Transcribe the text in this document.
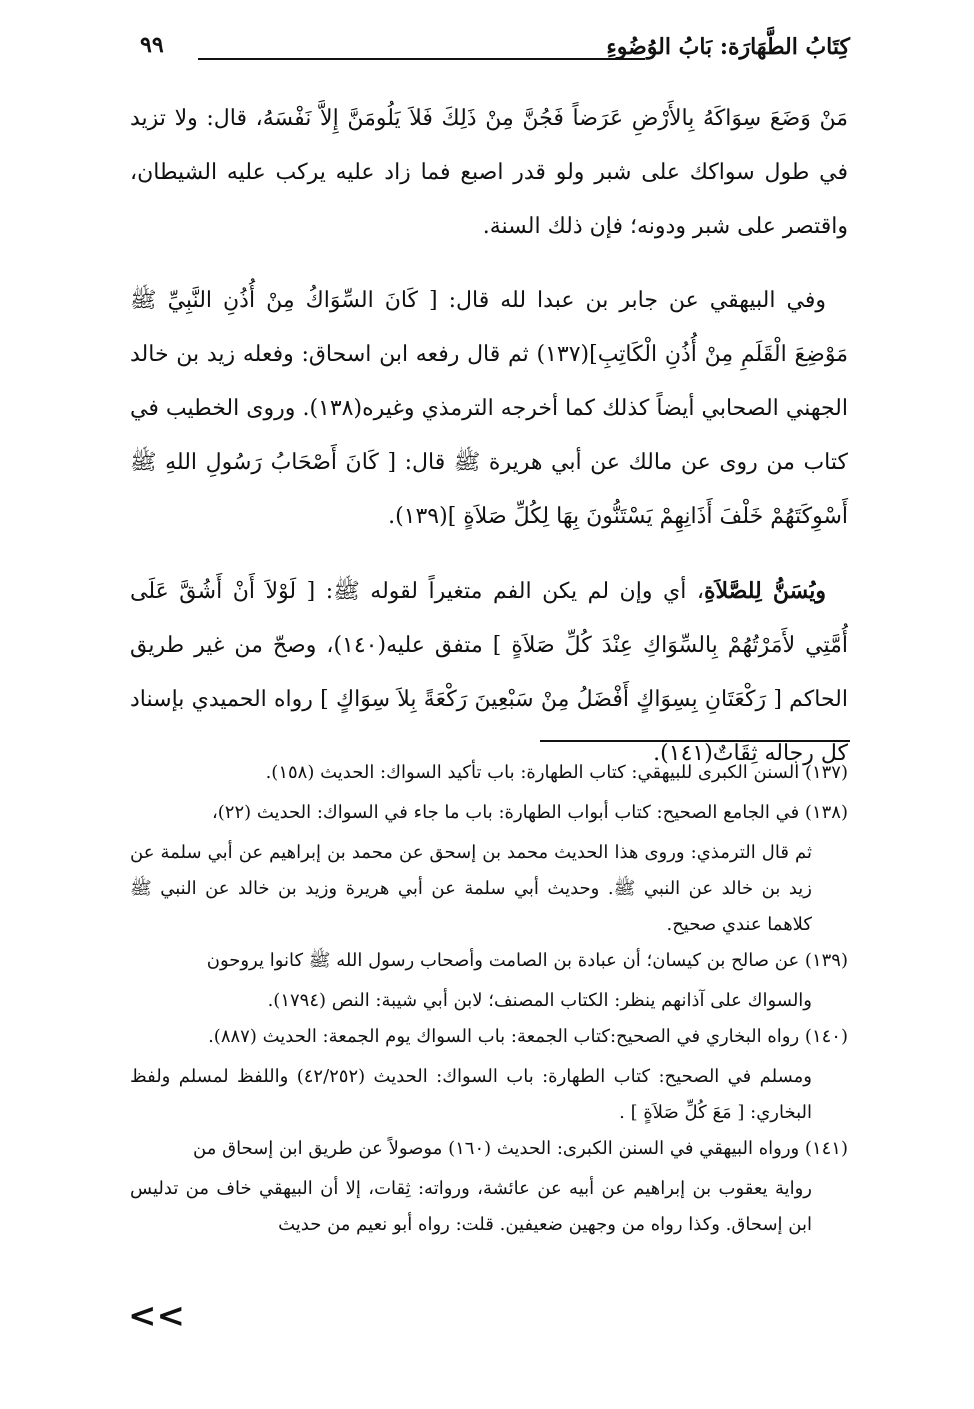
كِتَابُ الطَّهَارَة: بَابُ الوُضُوءِ
٩٩

مَنْ وَضَعَ سِوَاكَهُ بِالأَرْضِ عَرَضاً فَجُنَّ مِنْ ذَلِكَ فَلاَ يَلُومَنَّ إِلاَّ نَفْسَهُ، قال: ولا تزيد في طول سواكك على شبر ولو قدر اصبع فما زاد عليه يركب عليه الشيطان، واقتصر على شبر ودونه؛ فإن ذلك السنة.

وفي البيهقي عن جابر بن عبدا لله قال: [ كَانَ السِّوَاكُ مِنْ أُذُنِ النَّبِيِّ ﷺ مَوْضِعَ الْقَلَمِ مِنْ أُذُنِ الْكَاتِبِ](١٣٧) ثم قال رفعه ابن اسحاق: وفعله زيد بن خالد الجهني الصحابي أيضاً كذلك كما أخرجه الترمذي وغيره(١٣٨). وروى الخطيب في كتاب من روى عن مالك عن أبي هريرة ﷺ قال: [ كَانَ أَصْحَابُ رَسُولِ اللهِ ﷺ أَسْوِكَتَهُمْ خَلْفَ أَذَانِهِمْ يَسْتَنُّونَ بِهَا لِكُلِّ صَلاَةٍ ](١٣٩).

ويُسَنُّ لِلصَّلاَةِ، أي وإن لم يكن الفم متغيراً لقوله ﷺ: [ لَوْلاَ أَنْ أَشُقَّ عَلَى أُمَّتِي لأَمَرْتُهُمْ بِالسِّوَاكِ عِنْدَ كُلِّ صَلاَةٍ ] متفق عليه(١٤٠)، وصحّ من غير طريق الحاكم [ رَكْعَتَانِ بِسِوَاكٍ أَفْضَلُ مِنْ سَبْعِينَ رَكْعَةً بِلاَ سِوَاكٍ ] رواه الحميدي بإسناد كل رجاله ثِقَاتٌ(١٤١).

(١٣٧) السنن الكبرى للبيهقي: كتاب الطهارة: باب تأكيد السواك: الحديث (١٥٨).

(١٣٨) في الجامع الصحيح: كتاب أبواب الطهارة: باب ما جاء في السواك: الحديث (٢٢)،

ثم قال الترمذي: وروى هذا الحديث محمد بن إسحق عن محمد بن إبراهيم عن أبي سلمة عن زيد بن خالد عن النبي ﷺ. وحديث أبي سلمة عن أبي هريرة وزيد بن خالد عن النبي ﷺ كلاهما عندي صحيح.

(١٣٩) عن صالح بن كيسان؛ أن عبادة بن الصامت وأصحاب رسول الله ﷺ كانوا يروحون

والسواك على آذانهم ينظر: الكتاب المصنف؛ لابن أبي شيبة: النص (١٧٩٤).

(١٤٠) رواه البخاري في الصحيح:كتاب الجمعة: باب السواك يوم الجمعة: الحديث (٨٨٧).

ومسلم في الصحيح: كتاب الطهارة: باب السواك: الحديث (٤٢/٢٥٢) واللفظ لمسلم ولفظ البخاري: [ مَعَ كُلِّ صَلاَةٍ ] .

(١٤١) ورواه البيهقي في السنن الكبرى: الحديث (١٦٠) موصولاً عن طريق ابن إسحاق من

رواية يعقوب بن إبراهيم عن أبيه عن عائشة، ورواته: ثِقات، إلا أن البيهقي خاف من تدليس ابن إسحاق. وكذا رواه من وجهين ضعيفين. قلت: رواه أبو نعيم من حديث

<<
